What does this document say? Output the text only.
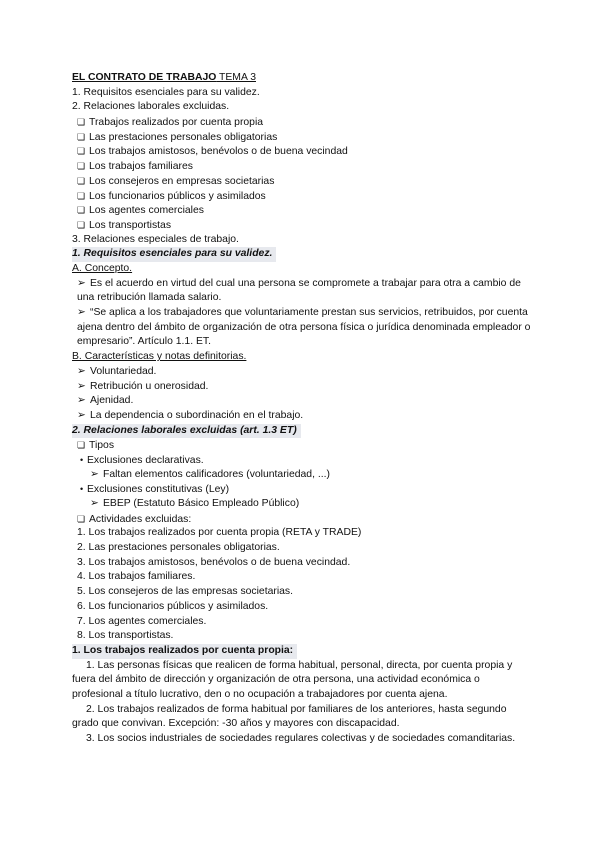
EL CONTRATO DE TRABAJO TEMA 3
1. Requisitos esenciales para su validez.
2. Relaciones laborales excluidas.
❏ Trabajos realizados por cuenta propia
❏ Las prestaciones personales obligatorias
❏ Los trabajos amistosos, benévolos o de buena vecindad
❏ Los trabajos familiares
❏ Los consejeros en empresas societarias
❏ Los funcionarios públicos y asimilados
❏ Los agentes comerciales
❏ Los transportistas
3. Relaciones especiales de trabajo.
1. Requisitos esenciales para su validez.
A. Concepto.
➢ Es el acuerdo en virtud del cual una persona se compromete a trabajar para otra a cambio de una retribución llamada salario.
➢ “Se aplica a los trabajadores que voluntariamente prestan sus servicios, retribuidos, por cuenta ajena dentro del ámbito de organización de otra persona física o jurídica denominada empleador o empresario”. Artículo 1.1. ET.
B. Características y notas definitorias.
➢ Voluntariedad.
➢ Retribución u onerosidad.
➢ Ajenidad.
➢ La dependencia o subordinación en el trabajo.
2. Relaciones laborales excluidas (art. 1.3 ET)
❏ Tipos
• Exclusiones declarativas.
➢ Faltan elementos calificadores (voluntariedad, ...)
• Exclusiones constitutivas (Ley)
➢ EBEP (Estatuto Básico Empleado Público)
❏ Actividades excluidas:
1. Los trabajos realizados por cuenta propia (RETA y TRADE)
2. Las prestaciones personales obligatorias.
3. Los trabajos amistosos, benévolos o de buena vecindad.
4. Los trabajos familiares.
5. Los consejeros de las empresas societarias.
6. Los funcionarios públicos y asimilados.
7. Los agentes comerciales.
8. Los transportistas.
1. Los trabajos realizados por cuenta propia:
1. Las personas físicas que realicen de forma habitual, personal, directa, por cuenta propia y fuera del ámbito de dirección y organización de otra persona, una actividad económica o profesional a título lucrativo, den o no ocupación a trabajadores por cuenta ajena.
2. Los trabajos realizados de forma habitual por familiares de los anteriores, hasta segundo grado que convivan. Excepción: -30 años y mayores con discapacidad.
3. Los socios industriales de sociedades regulares colectivas y de sociedades comanditarias.
